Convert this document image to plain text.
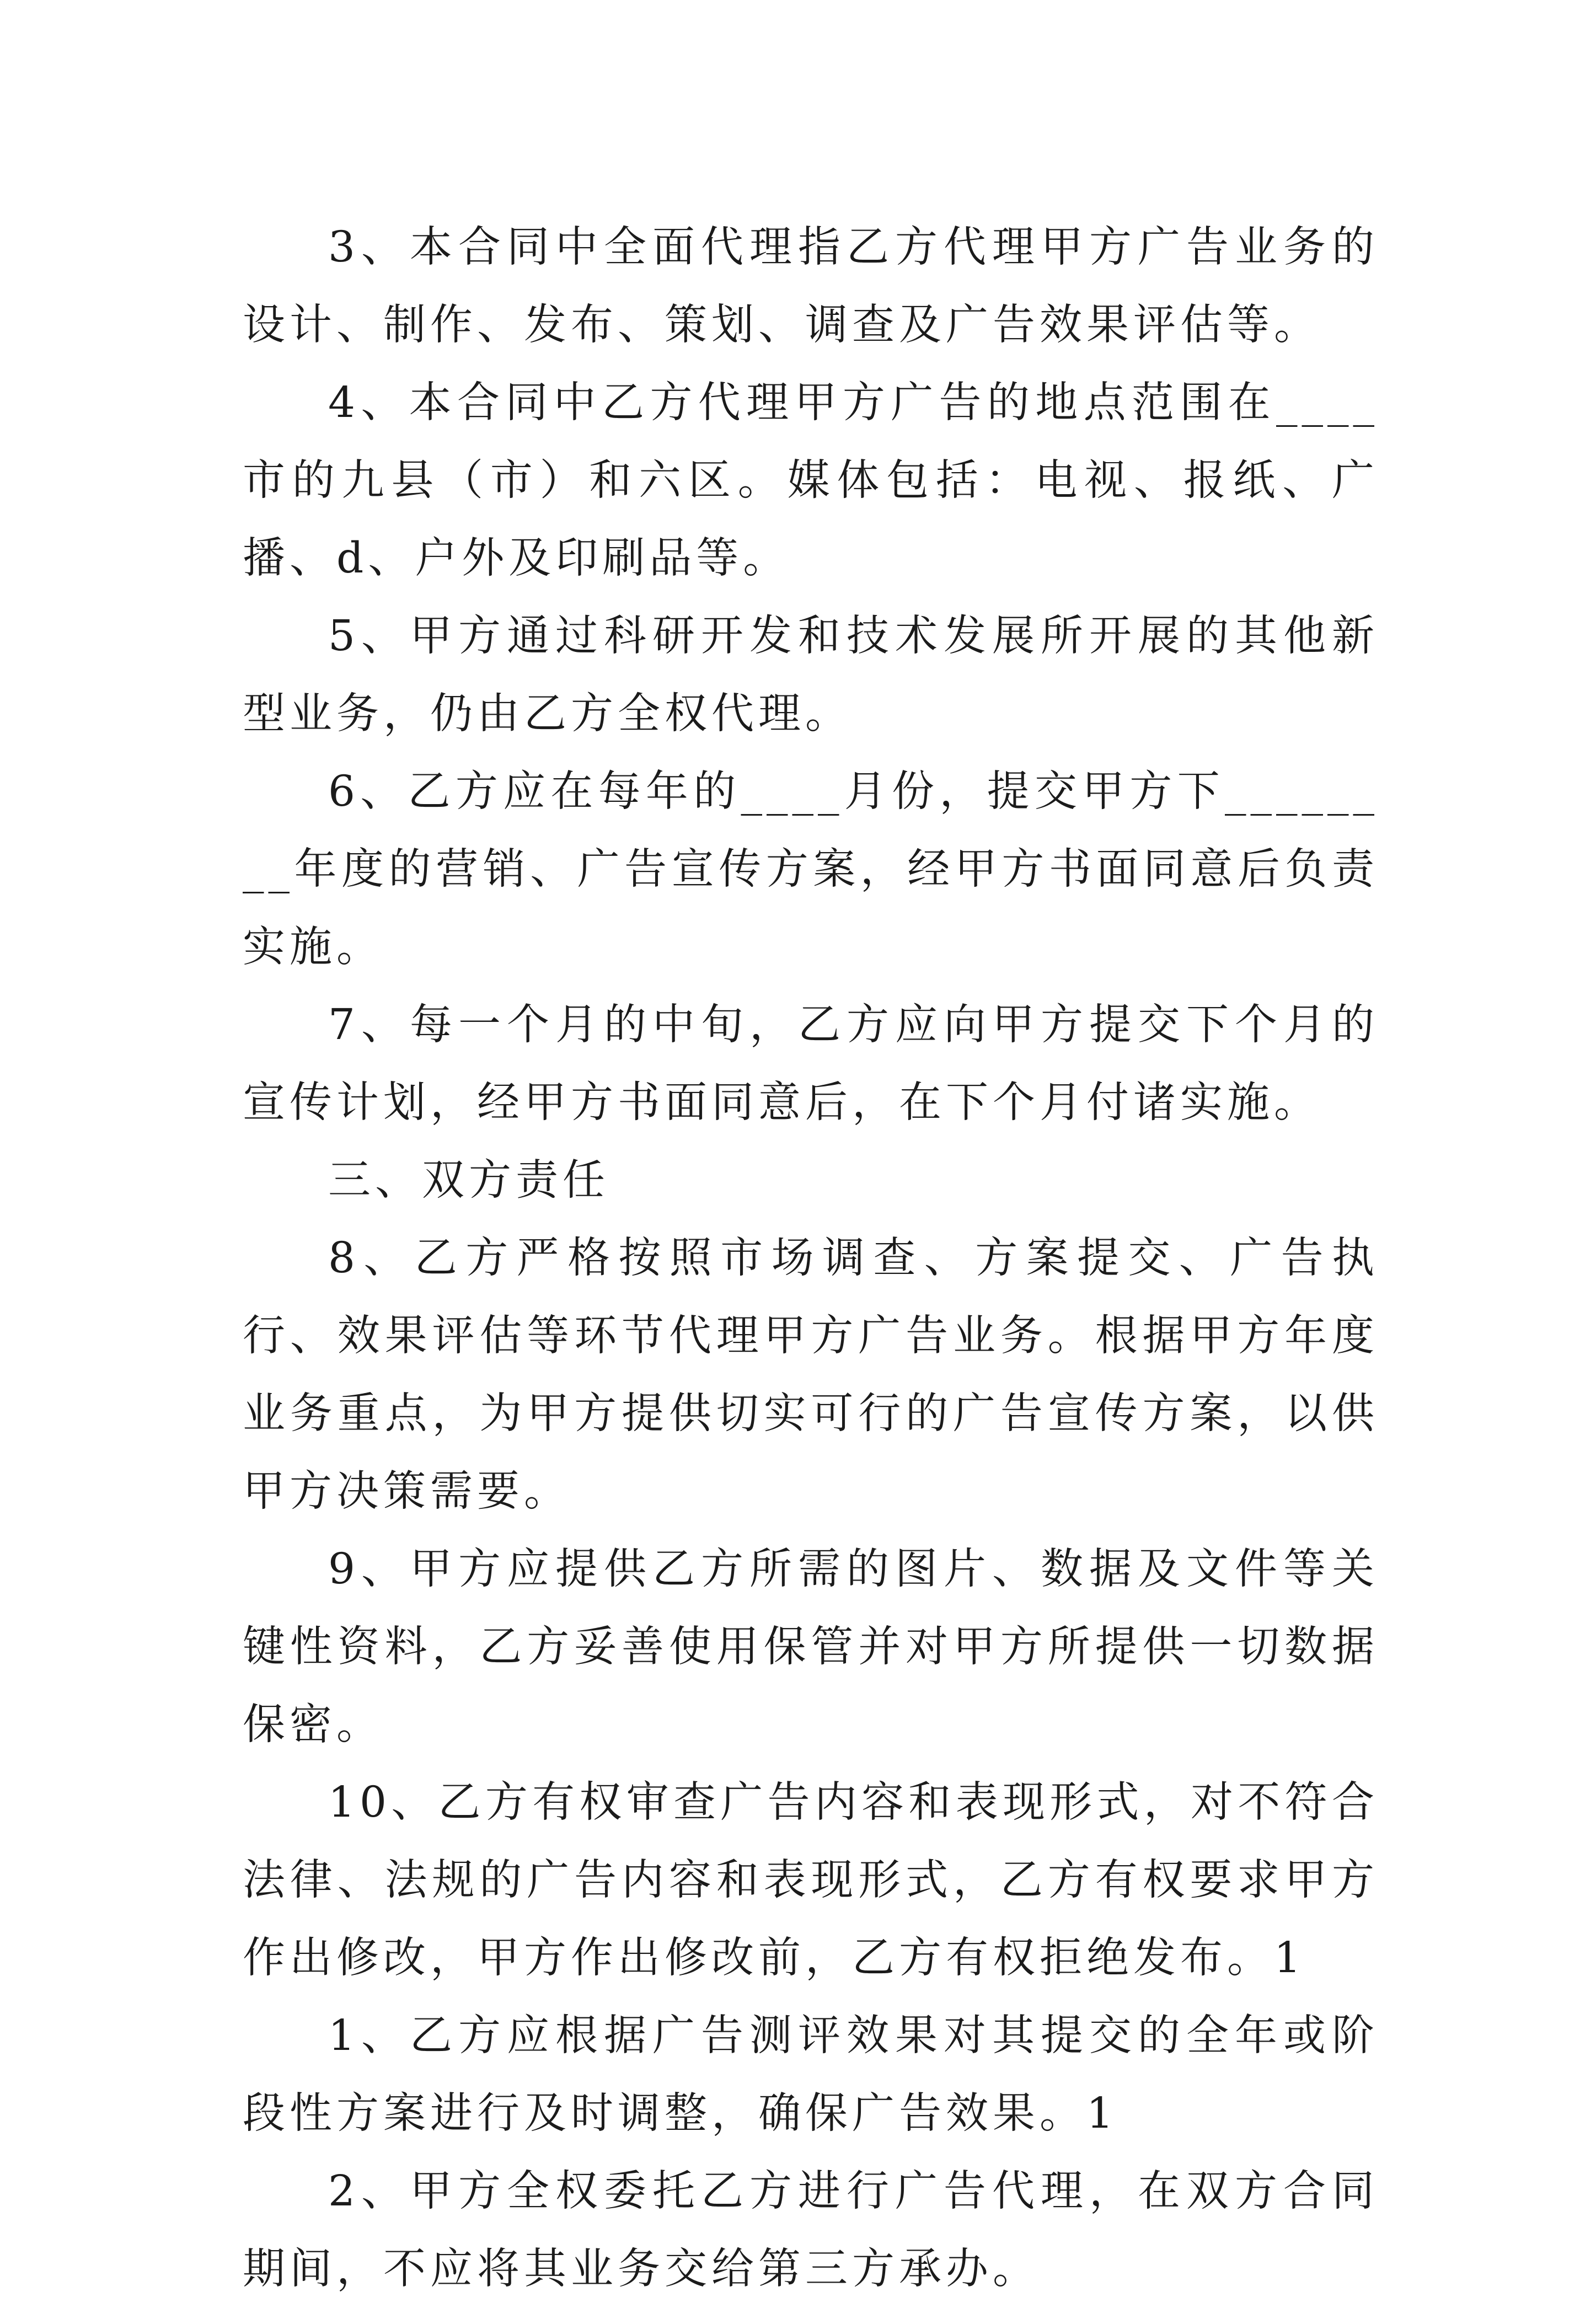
3、本合同中全面代理指乙方代理甲方广告业务的设计、制作、发布、策划、调查及广告效果评估等。

4、本合同中乙方代理甲方广告的地点范围在____市的九县（市）和六区。媒体包括：电视、报纸、广播、d、户外及印刷品等。

5、甲方通过科研开发和技术发展所开展的其他新型业务，仍由乙方全权代理。

6、乙方应在每年的____月份，提交甲方下________年度的营销、广告宣传方案，经甲方书面同意后负责实施。

7、每一个月的中旬，乙方应向甲方提交下个月的宣传计划，经甲方书面同意后，在下个月付诸实施。

三、双方责任

8、乙方严格按照市场调查、方案提交、广告执行、效果评估等环节代理甲方广告业务。根据甲方年度业务重点，为甲方提供切实可行的广告宣传方案，以供甲方决策需要。

9、甲方应提供乙方所需的图片、数据及文件等关键性资料，乙方妥善使用保管并对甲方所提供一切数据保密。

10、乙方有权审查广告内容和表现形式，对不符合法律、法规的广告内容和表现形式，乙方有权要求甲方作出修改，甲方作出修改前，乙方有权拒绝发布。1

1、乙方应根据广告测评效果对其提交的全年或阶段性方案进行及时调整，确保广告效果。1

2、甲方全权委托乙方进行广告代理，在双方合同期间，不应将其业务交给第三方承办。
